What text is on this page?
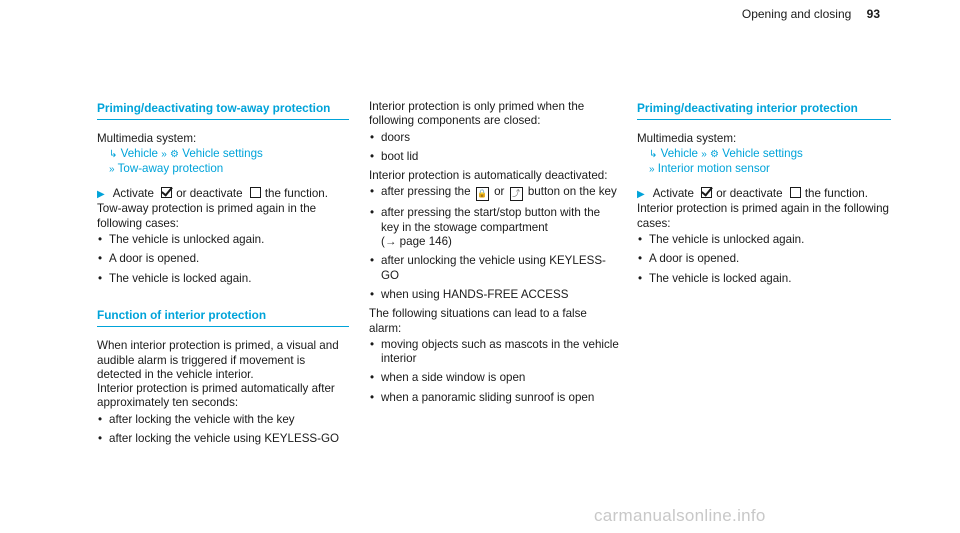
Opening and closing 93
Priming/deactivating tow-away protection
Multimedia system:
↳ Vehicle » ⚙ Vehicle settings
» Tow-away protection

▶ Activate or deactivate the function.

Tow-away protection is primed again in the following cases:

• The vehicle is unlocked again.
• A door is opened.
• The vehicle is locked again.
Function of interior protection

When interior protection is primed, a visual and audible alarm is triggered if movement is detected in the vehicle interior.

Interior protection is primed automatically after approximately ten seconds:

• after locking the vehicle with the key
• after locking the vehicle using KEYLESS-GO

Interior protection is only primed when the following components are closed:

• doors
• boot lid

Interior protection is automatically deactivated:

• after pressing the 🔒 or ⤴ button on the key
• after pressing the start/stop button with the key in the stowage compartment
(→ page 146)
• after unlocking the vehicle using KEYLESS-GO
• when using HANDS-FREE ACCESS

The following situations can lead to a false alarm:

• moving objects such as mascots in the vehicle interior
• when a side window is open
• when a panoramic sliding sunroof is open
Priming/deactivating interior protection
Multimedia system:
↳ Vehicle » ⚙ Vehicle settings
» Interior motion sensor

▶ Activate or deactivate the function.

Interior protection is primed again in the following cases:

• The vehicle is unlocked again.
• A door is opened.
• The vehicle is locked again.
carmanualsonline.info
